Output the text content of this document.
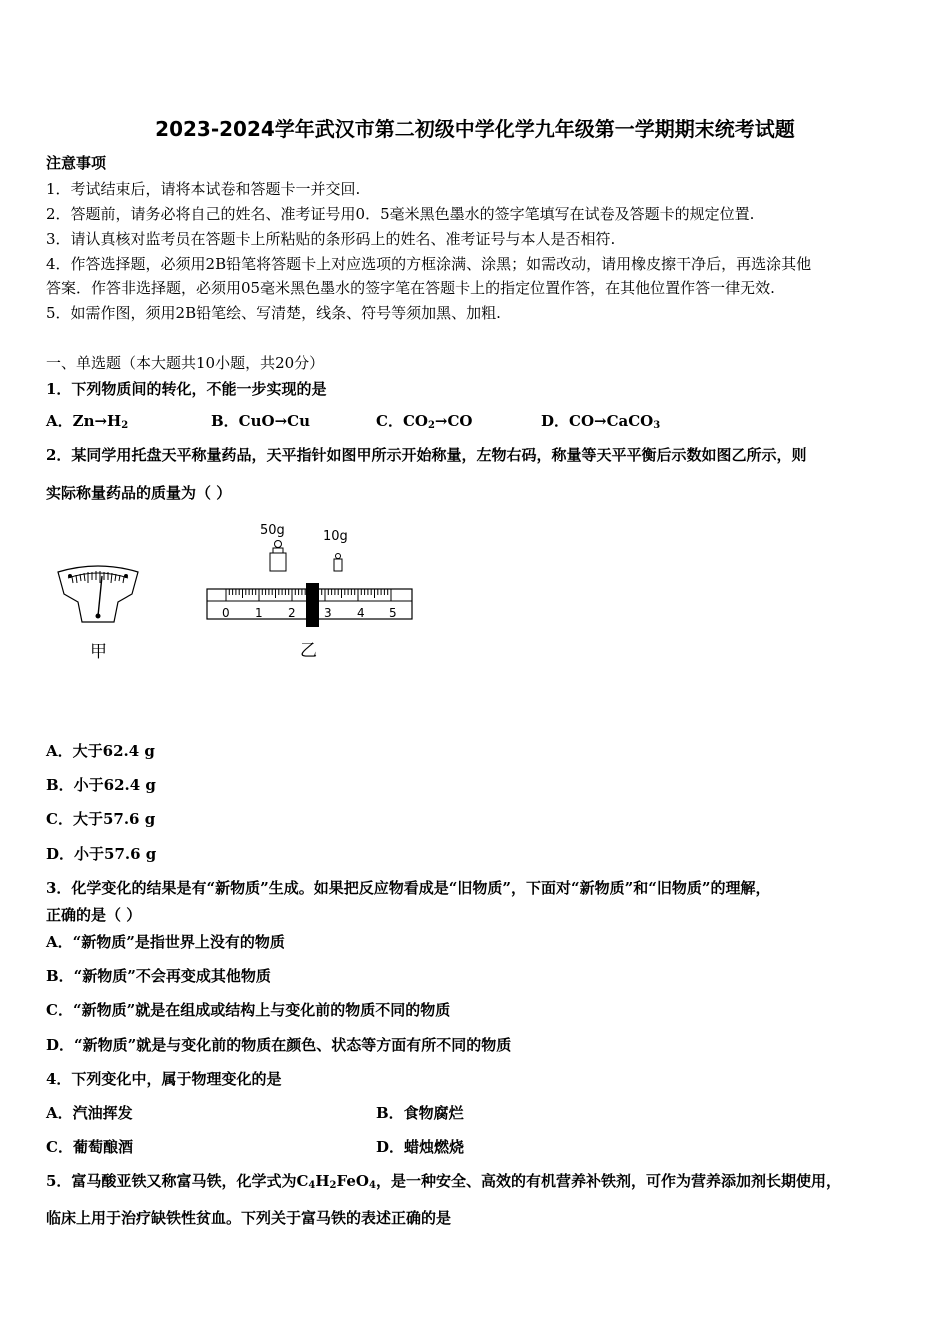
2023-2024学年武汉市第二初级中学化学九年级第一学期期末统考试题
注意事项
1．考试结束后，请将本试卷和答题卡一并交回.
2．答题前，请务必将自己的姓名、准考证号用0．5毫米黑色墨水的签字笔填写在试卷及答题卡的规定位置.
3．请认真核对监考员在答题卡上所粘贴的条形码上的姓名、准考证号与本人是否相符.
4．作答选择题，必须用2B铅笔将答题卡上对应选项的方框涂满、涂黑；如需改动，请用橡皮擦干净后，再选涂其他
答案．作答非选择题，必须用05毫米黑色墨水的签字笔在答题卡上的指定位置作答，在其他位置作答一律无效.
5．如需作图，须用2B铅笔绘、写清楚，线条、符号等须加黑、加粗.
一、单选题（本大题共10小题，共20分）
1．下列物质间的转化，不能一步实现的是
A．$Zn\to H_2$	B．CuO→Cu	C．$CO_2\to CO$	D．CO→CaCO$_3$
2．某同学用托盘天平称量药品，天平指针如图甲所示开始称量，左物右码，称量等天平平衡后示数如图乙所示，则
实际称量药品的质量为（ ）
甲
50g	10g
0 1 2 3 4 5
乙
A．大于62.4 g
B．小于62.4 g
C．大于57.6 g
D．小于57.6 g
3．化学变化的结果是有“新物质”生成。如果把反应物看成是“旧物质”，下面对“新物质”和“旧物质”的理解，
正确的是（ ）
A．“新物质”是指世界上没有的物质
B．“新物质”不会再变成其他物质
C．“新物质”就是在组成或结构上与变化前的物质不同的物质
D．“新物质”就是与变化前的物质在颜色、状态等方面有所不同的物质
4．下列变化中，属于物理变化的是
A．汽油挥发	B．食物腐烂
C．葡萄酿酒	D．蜡烛燃烧
5．富马酸亚铁又称富马铁，化学式为$C_4H_2FeO_4$，是一种安全、高效的有机营养补铁剂，可作为营养添加剂长期使用，
临床上用于治疗缺铁性贫血。下列关于富马铁的表述正确的是
